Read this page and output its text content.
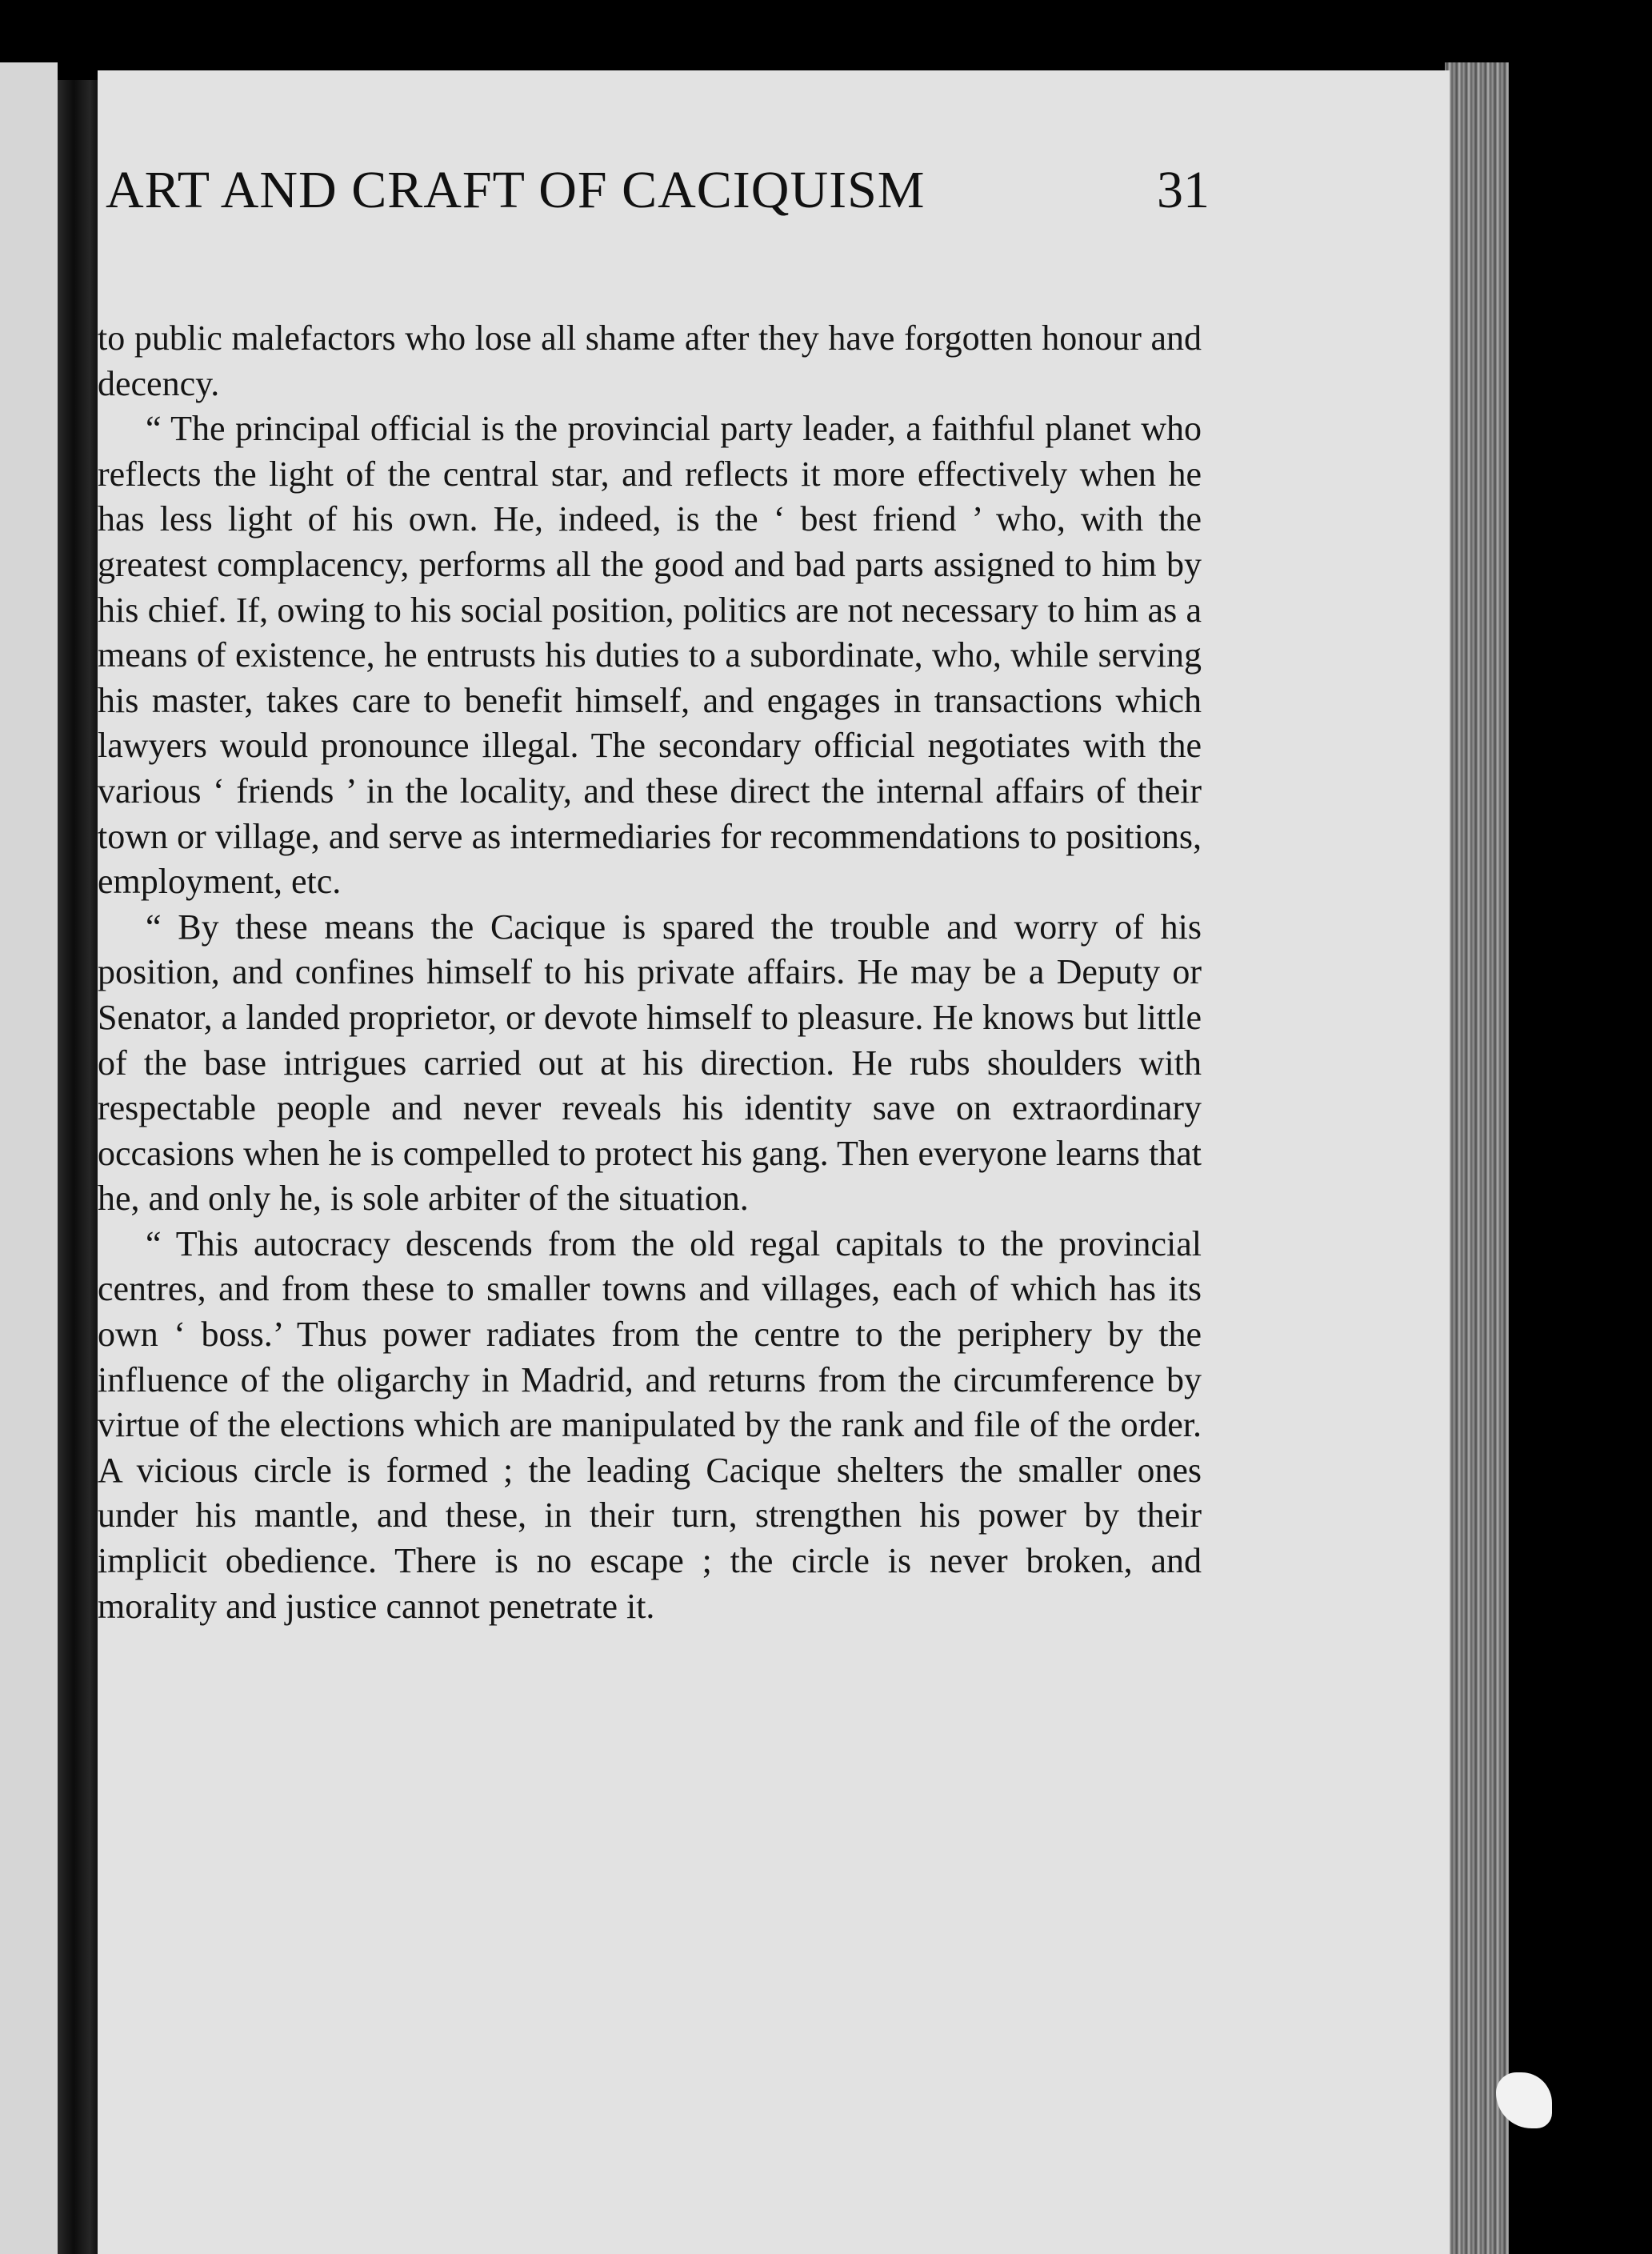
ART AND CRAFT OF CACIQUISM	31

to public malefactors who lose all shame after they have forgotten honour and decency.

“ The principal official is the provincial party leader, a faithful planet who reflects the light of the central star, and reflects it more effectively when he has less light of his own. He, indeed, is the ‘ best friend ’ who, with the greatest complacency, performs all the good and bad parts assigned to him by his chief. If, owing to his social position, politics are not necessary to him as a means of existence, he entrusts his duties to a subordinate, who, while serving his master, takes care to benefit himself, and engages in transactions which lawyers would pronounce illegal. The secondary official negotiates with the various ‘ friends ’ in the locality, and these direct the internal affairs of their town or village, and serve as intermediaries for recommendations to positions, employment, etc.

“ By these means the Cacique is spared the trouble and worry of his position, and confines himself to his private affairs. He may be a Deputy or Senator, a landed proprietor, or devote himself to pleasure. He knows but little of the base intrigues carried out at his direction. He rubs shoulders with respectable people and never reveals his identity save on extraordinary occasions when he is compelled to protect his gang. Then everyone learns that he, and only he, is sole arbiter of the situation.

“ This autocracy descends from the old regal capitals to the provincial centres, and from these to smaller towns and villages, each of which has its own ‘ boss.’ Thus power radiates from the centre to the periphery by the influence of the oligarchy in Madrid, and returns from the circumference by virtue of the elections which are manipulated by the rank and file of the order. A vicious circle is formed ; the leading Cacique shelters the smaller ones under his mantle, and these, in their turn, strengthen his power by their implicit obedience. There is no escape ; the circle is never broken, and morality and justice cannot penetrate it.
